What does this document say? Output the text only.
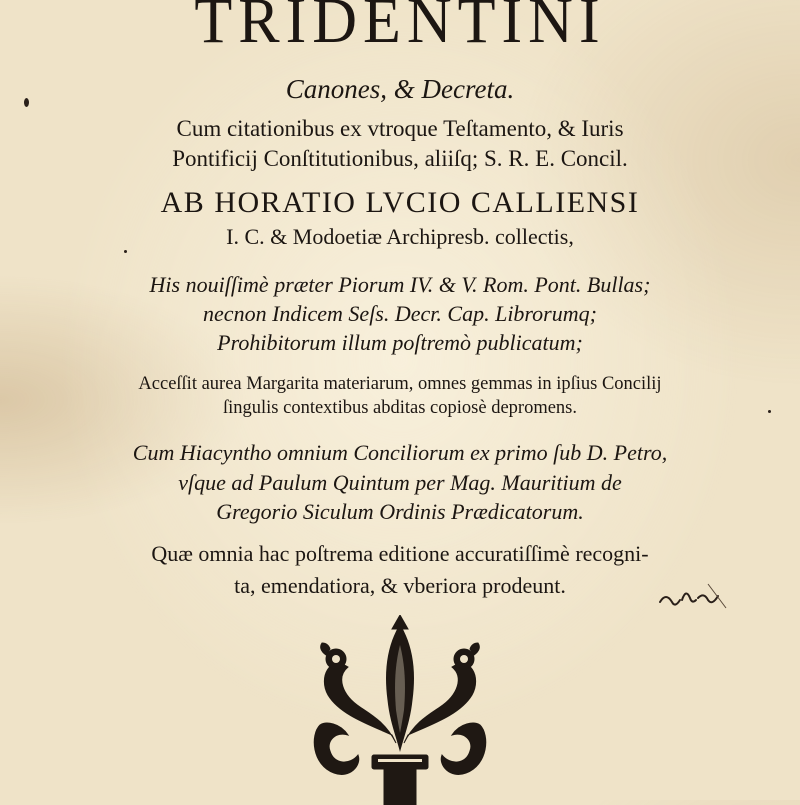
TRIDENTINI
Canones, & Decreta.
Cum citationibus ex vtroque Teſtamento, & Iuris
Pontificij Conſtitutionibus, aliiſq; S. R. E. Concil.
AB HORATIO LVCIO CALLIENSI
I. C. & Modoetiæ Archipresb. collectis,
His nouiſſimè præter Piorum IV. & V. Rom. Pont. Bullas;
necnon Indicem Seſs. Decr. Cap. Librorumq;
Prohibitorum illum poſtremò publicatum;
Acceſſit aurea Margarita materiarum, omnes gemmas in ipſius Concilij
ſingulis contextibus abditas copiosè depromens.
Cum Hiacyntho omnium Conciliorum ex primo ſub D. Petro,
vſque ad Paulum Quintum per Mag. Mauritium de
Gregorio Siculum Ordinis Prædicatorum.
Quæ omnia hac poſtrema editione accuratiſſimè recogni-
ta, emendatiora, & vberiora prodeunt.
